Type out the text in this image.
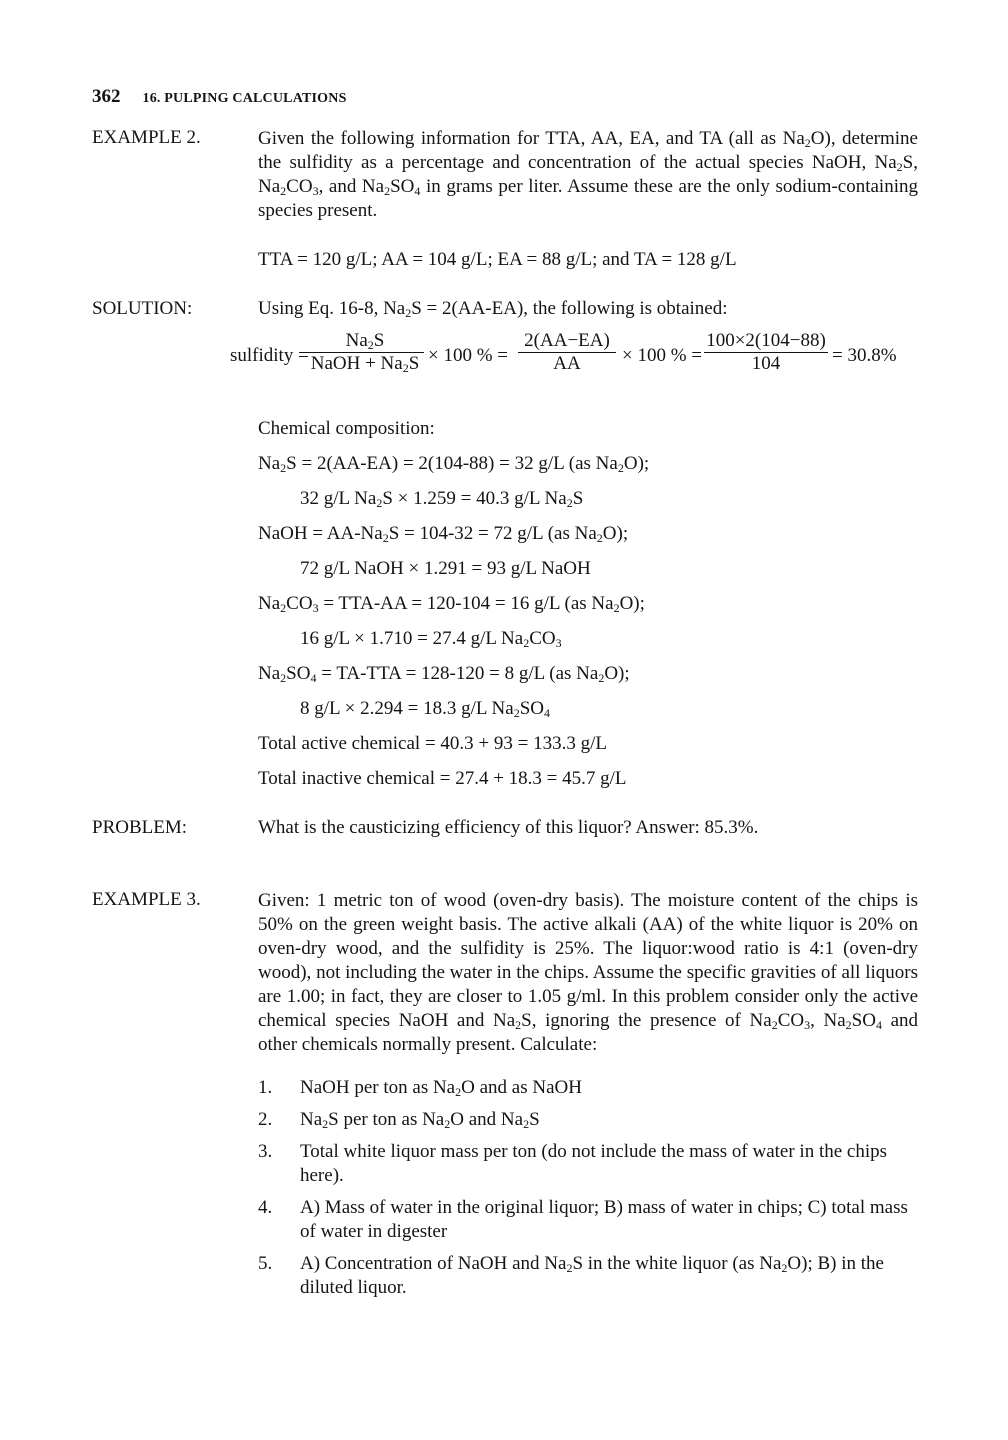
362 16. PULPING CALCULATIONS
EXAMPLE 2.	Given the following information for TTA, AA, EA, and TA (all as $Na_2O$), determine the sulfidity as a percentage and concentration of the actual species NaOH, $Na_2S$, $Na_2CO_3$, and $Na_2SO_4$ in grams per liter. Assume these are the only sodium-containing species present.
TTA = 120 g/L; AA = 104 g/L; EA = 88 g/L; and TA = 128 g/L
SOLUTION:	Using Eq. 16-8, $Na_2S = 2(AA-EA)$, the following is obtained:
sulfidity =
$Na_2S$
NaOH + $Na_2S \times 100$ % =
2(AA−EA)
AA	× 100 % =
100×2(104−88)
104	= 30.8%
Chemical composition:
$Na_2S = 2(AA-EA) = 2(104-88) = 32$ g/L (as $Na_2O$);
32 g/L $Na_2S \times 1.259 = 40.3$ g/L $Na_2S$
NaOH = $AA-Na_2S = 104-32 = 72$ g/L (as $Na_2O$);
72 g/L NaOH × 1.291 = 93 g/L NaOH
$Na_2CO_3 = TTA-AA = 120-104 = 16$ g/L (as $Na_2O$);
16 g/L × 1.710 = 27.4 g/L $Na_2CO_3$
$Na_2SO_4 = TA-TTA = 128-120 = 8$ g/L (as $Na_2O$);
8 g/L × 2.294 = 18.3 g/L $Na_2SO_4$
Total active chemical = 40.3 + 93 = 133.3 g/L
Total inactive chemical = 27.4 + 18.3 = 45.7 g/L
PROBLEM:	What is the causticizing efficiency of this liquor? Answer: 85.3%.
EXAMPLE 3.	Given: 1 metric ton of wood (oven-dry basis). The moisture content of the chips is 50% on the green weight basis. The active alkali (AA) of the white liquor is 20% on oven-dry wood, and the sulfidity is 25%. The liquor:wood ratio is 4:1 (oven-dry wood), not including the water in the chips. Assume the specific gravities of all liquors are 1.00; in fact, they are closer to 1.05 g/ml. In this problem consider only the active chemical species NaOH and $Na_2S$, ignoring the presence of $Na_2CO_3$, $Na_2SO_4$ and other chemicals normally present. Calculate:
1. NaOH per ton as $Na_2O$ and as NaOH
2. $Na_2S$ per ton as $Na_2O$ and $Na_2S$
3. Total white liquor mass per ton (do not include the mass of water in the chips here).
4. A) Mass of water in the original liquor; B) mass of water in chips; C) total mass of water in digester
5. A) Concentration of NaOH and $Na_2S$ in the white liquor (as $Na_2O$); B) in the diluted liquor.
